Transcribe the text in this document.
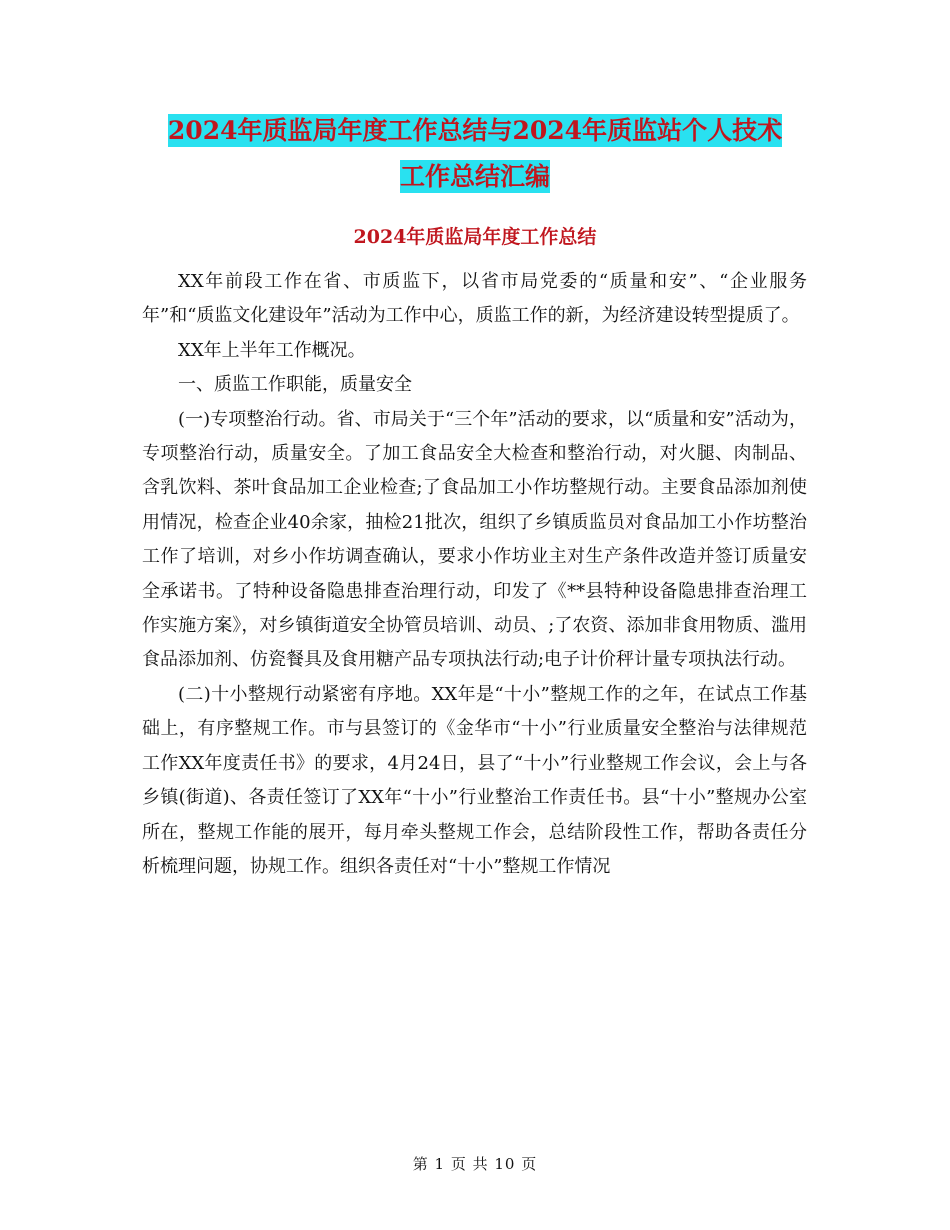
2024年质监局年度工作总结与2024年质监站个人技术
工作总结汇编
2024年质监局年度工作总结

XX年前段工作在省、市质监下，以省市局党委的“质量和安”、“企业服务年”和“质监文化建设年”活动为工作中心，质监工作的新，为经济建设转型提质了。

XX年上半年工作概况。

一、质监工作职能，质量安全

(一)专项整治行动。省、市局关于“三个年”活动的要求，以“质量和安”活动为，专项整治行动，质量安全。了加工食品安全大检查和整治行动，对火腿、肉制品、含乳饮料、茶叶食品加工企业检查;了食品加工小作坊整规行动。主要食品添加剂使用情况，检查企业40余家，抽检21批次，组织了乡镇质监员对食品加工小作坊整治工作了培训，对乡小作坊调查确认，要求小作坊业主对生产条件改造并签订质量安全承诺书。了特种设备隐患排查治理行动，印发了《**县特种设备隐患排查治理工作实施方案》，对乡镇街道安全协管员培训、动员、;了农资、添加非食用物质、滥用食品添加剂、仿瓷餐具及食用糖产品专项执法行动;电子计价秤计量专项执法行动。

(二)十小整规行动紧密有序地。XX年是“十小”整规工作的之年，在试点工作基础上，有序整规工作。市与县签订的《金华市“十小”行业质量安全整治与法律规范工作XX年度责任书》的要求，4月24日，县了“十小”行业整规工作会议，会上与各乡镇(街道)、各责任签订了XX年“十小”行业整治工作责任书。县“十小”整规办公室所在，整规工作能的展开，每月牵头整规工作会，总结阶段性工作，帮助各责任分析梳理问题，协规工作。组织各责任对“十小”整规工作情况

第 1 页 共 10 页
